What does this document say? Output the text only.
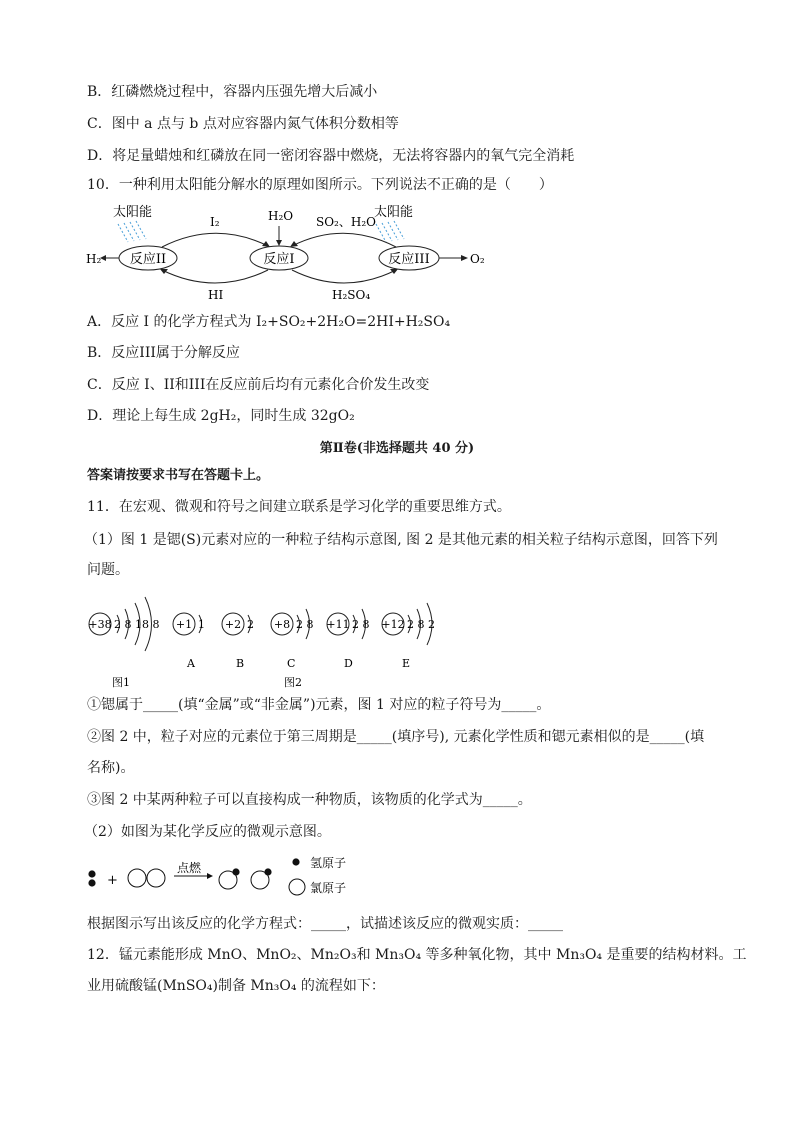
B．红磷燃烧过程中，容器内压强先增大后减小
C．图中 a 点与 b 点对应容器内氮气体积分数相等
D．将足量蜡烛和红磷放在同一密闭容器中燃烧，无法将容器内的氧气完全消耗
10．一种利用太阳能分解水的原理如图所示。下列说法不正确的是（　　）
太阳能	太阳能
反应II	反应I	反应III
H₂	O₂
I₂
HI
H₂O SO₂、H₂O
H₂SO₄
A．反应 I 的化学方程式为 I₂+SO₂+2H₂O=2HI+H₂SO₄
B．反应III属于分解反应
C．反应 I、II和III在反应前后均有元素化合价发生改变
D．理论上每生成 2gH₂，同时生成 32gO₂
第Ⅱ卷(非选择题共 40 分)
答案请按要求书写在答题卡上。
11．在宏观、微观和符号之间建立联系是学习化学的重要思维方式。
（1）图 1 是锶(S)元素对应的一种粒子结构示意图, 图 2 是其他元素的相关粒子结构示意图，回答下列
问题。
+38 2 8 18 8 +1 1 +2 2 +8 2 8 +11 2 8 +12 2 8 2
A	B	C	D	E
图1	图2
①锶属于_____(填“金属”或“非金属”)元素，图 1 对应的粒子符号为_____。
②图 2 中，粒子对应的元素位于第三周期是_____(填序号), 元素化学性质和锶元素相似的是_____(填
名称)。
③图 2 中某两种粒子可以直接构成一种物质，该物质的化学式为_____。
（2）如图为某化学反应的微观示意图。
+
点燃	氢原子
氯原子
根据图示写出该反应的化学方程式：_____，试描述该反应的微观实质：_____
12．锰元素能形成 MnO、MnO₂、Mn₂O₃和 Mn₃O₄ 等多种氧化物，其中 Mn₃O₄ 是重要的结构材料。工
业用硫酸锰(MnSO₄)制备 Mn₃O₄ 的流程如下：
